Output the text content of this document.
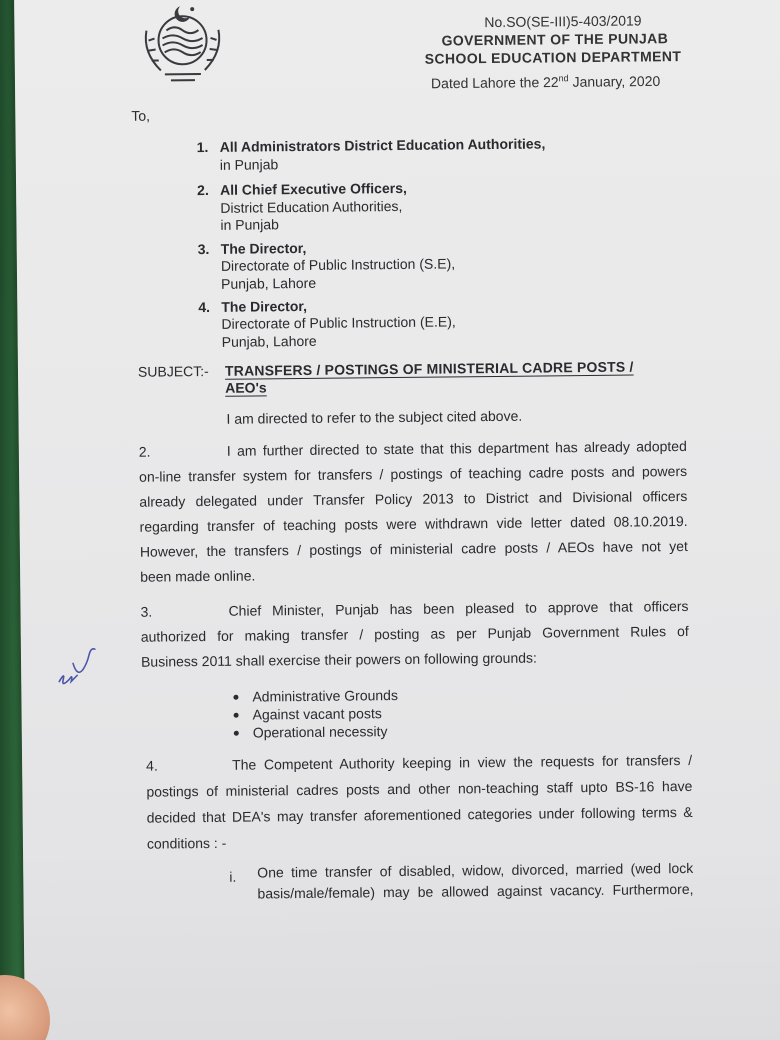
No.SO(SE-III)5-403/2019
GOVERNMENT OF THE PUNJAB
SCHOOL EDUCATION DEPARTMENT
Dated Lahore the 22nd January, 2020
To,
1. All Administrators District Education Authorities,
in Punjab
2. All Chief Executive Officers,
District Education Authorities,
in Punjab
3. The Director,
Directorate of Public Instruction (S.E),
Punjab, Lahore
4. The Director,
Directorate of Public Instruction (E.E),
Punjab, Lahore
SUBJECT:- TRANSFERS / POSTINGS OF MINISTERIAL CADRE POSTS /
AEO's
I am directed to refer to the subject cited above.
2.	I am further directed to state that this department has already adopted
on-line transfer system for transfers / postings of teaching cadre posts and powers
already delegated under Transfer Policy 2013 to District and Divisional officers
regarding transfer of teaching posts were withdrawn vide letter dated 08.10.2019.
However, the transfers / postings of ministerial cadre posts / AEOs have not yet
been made online.
3.	Chief Minister, Punjab has been pleased to approve that officers
authorized for making transfer / posting as per Punjab Government Rules of
Business 2011 shall exercise their powers on following grounds:
Administrative Grounds
Against vacant posts
Operational necessity
4.	The Competent Authority keeping in view the requests for transfers /
postings of ministerial cadres posts and other non-teaching staff upto BS-16 have
decided that DEA's may transfer aforementioned categories under following terms &
conditions : -
i. One time transfer of disabled, widow, divorced, married (wed lock
basis/male/female) may be allowed against vacancy. Furthermore,
